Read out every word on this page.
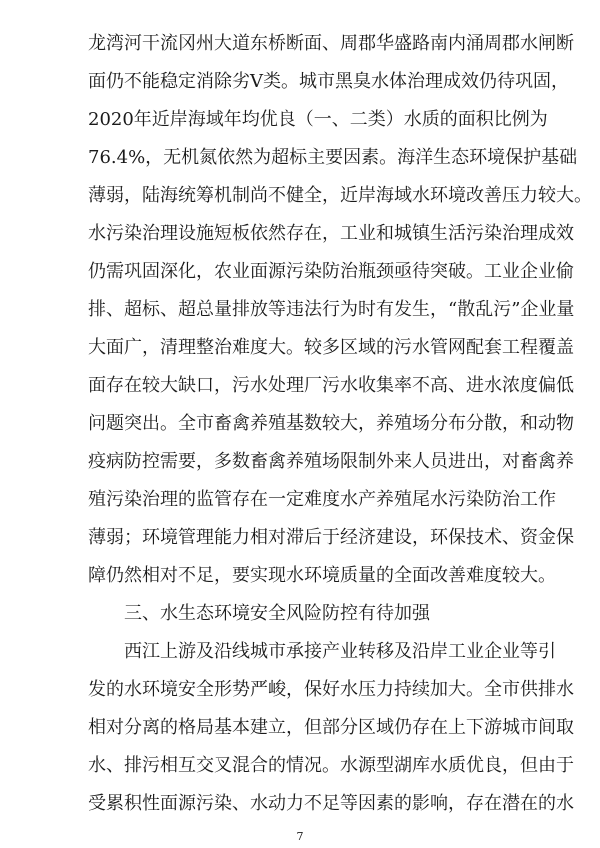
龙湾河干流冈州大道东桥断面、周郡华盛路南内涌周郡水闸断
面仍不能稳定消除劣V类。城市黑臭水体治理成效仍待巩固，
2020年近岸海域年均优良（一、二类）水质的面积比例为
76.4%，无机氮依然为超标主要因素。海洋生态环境保护基础
薄弱，陆海统筹机制尚不健全，近岸海域水环境改善压力较大。
水污染治理设施短板依然存在，工业和城镇生活污染治理成效
仍需巩固深化，农业面源污染防治瓶颈亟待突破。工业企业偷
排、超标、超总量排放等违法行为时有发生，“散乱污”企业量
大面广，清理整治难度大。较多区域的污水管网配套工程覆盖
面存在较大缺口，污水处理厂污水收集率不高、进水浓度偏低
问题突出。全市畜禽养殖基数较大，养殖场分布分散，和动物
疫病防控需要，多数畜禽养殖场限制外来人员进出，对畜禽养
殖污染治理的监管存在一定难度水产养殖尾水污染防治工作
薄弱；环境管理能力相对滞后于经济建设，环保技术、资金保
障仍然相对不足，要实现水环境质量的全面改善难度较大。
三、水生态环境安全风险防控有待加强
西江上游及沿线城市承接产业转移及沿岸工业企业等引
发的水环境安全形势严峻，保好水压力持续加大。全市供排水
相对分离的格局基本建立，但部分区域仍存在上下游城市间取
水、排污相互交叉混合的情况。水源型湖库水质优良，但由于
受累积性面源污染、水动力不足等因素的影响，存在潜在的水
7
